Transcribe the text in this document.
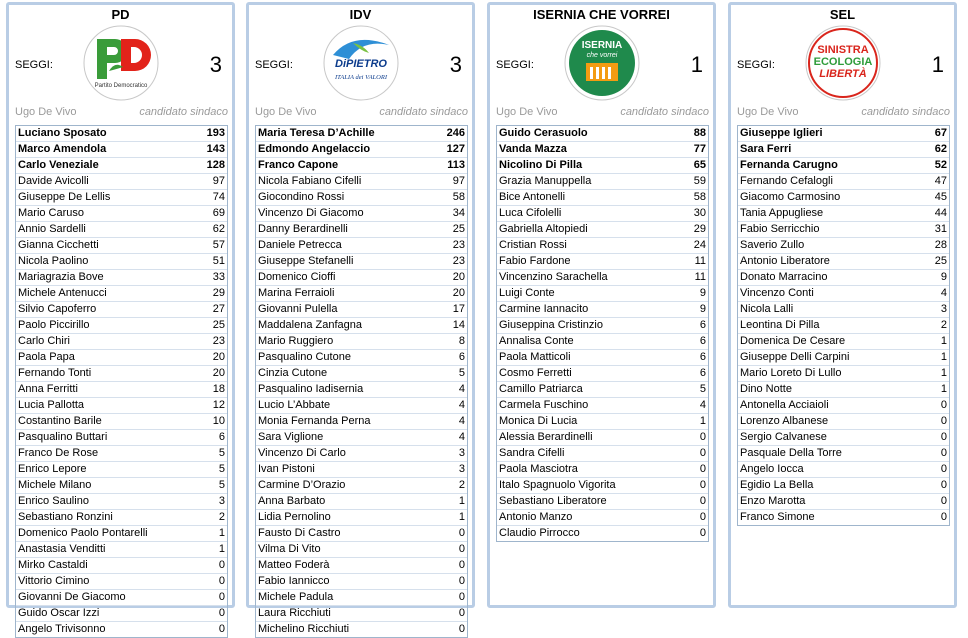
PD
SEGGI:
Partito Democratico
3
Ugo De Vivo	candidato sindaco
Luciano Sposato	193
Marco Amendola	143
Carlo Veneziale	128
Davide Avicolli	97
Giuseppe De Lellis	74
Mario Caruso	69
Annio Sardelli	62
Gianna Cicchetti	57
Nicola Paolino	51
Mariagrazia Bove	33
Michele Antenucci	29
Silvio Capoferro	27
Paolo Piccirillo	25
Carlo Chiri	23
Paola Papa	20
Fernando Tonti	20
Anna Ferritti	18
Lucia Pallotta	12
Costantino Barile	10
Pasqualino Buttari	6
Franco De Rose	5
Enrico Lepore	5
Michele Milano	5
Enrico Saulino	3
Sebastiano Ronzini	2
Domenico Paolo Pontarelli	1
Anastasia Venditti	1
Mirko Castaldi	0
Vittorio Cimino	0
Giovanni De Giacomo	0
Guido Oscar Izzi	0
Angelo Trivisonno	0
IDV
SEGGI:	DiPIETRO
ITALIA dei VALORI
3
Ugo De Vivo	candidato sindaco
Maria Teresa D’Achille	246
Edmondo Angelaccio	127
Franco Capone	113
Nicola Fabiano Cifelli	97
Giocondino Rossi	58
Vincenzo Di Giacomo	34
Danny Berardinelli	25
Daniele Petrecca	23
Giuseppe Stefanelli	23
Domenico Cioffi	20
Marina Ferraioli	20
Giovanni Pulella	17
Maddalena Zanfagna	14
Mario Ruggiero	8
Pasqualino Cutone	6
Cinzia Cutone	5
Pasqualino Iadisernia	4
Lucio L’Abbate	4
Monia Fernanda Perna	4
Sara Viglione	4
Vincenzo Di Carlo	3
Ivan Pistoni	3
Carmine D’Orazio	2
Anna Barbato	1
Lidia Pernolino	1
Fausto Di Castro	0
Vilma Di Vito	0
Matteo Foderà	0
Fabio Iannicco	0
Michele Padula	0
Laura Ricchiuti	0
Michelino Ricchiuti	0
ISERNIA CHE VORREI
SEGGI:
ISERNIA
che vorrei	1
Ugo De Vivo	candidato sindaco
Guido Cerasuolo	88
Vanda Mazza	77
Nicolino Di Pilla	65
Grazia Manuppella	59
Bice Antonelli	58
Luca Cifolelli	30
Gabriella Altopiedi	29
Cristian Rossi	24
Fabio Fardone	11
Vincenzino Sarachella	11
Luigi Conte	9
Carmine Iannacito	9
Giuseppina Cristinzio	6
Annalisa Conte	6
Paola Matticoli	6
Cosmo Ferretti	6
Camillo Patriarca	5
Carmela Fuschino	4
Monica Di Lucia	1
Alessia Berardinelli	0
Sandra Cifelli	0
Paola Masciotra	0
Italo Spagnuolo Vigorita	0
Sebastiano Liberatore	0
Antonio Manzo	0
Claudio Pirrocco	0
SEL
SEGGI:
SINISTRA
ECOLOGIA
LIBERTÀ	1
Ugo De Vivo	candidato sindaco
Giuseppe Iglieri	67
Sara Ferri	62
Fernanda Carugno	52
Fernando Cefalogli	47
Giacomo Carmosino	45
Tania Appugliese	44
Fabio Serricchio	31
Saverio Zullo	28
Antonio Liberatore	25
Donato Marracino	9
Vincenzo Conti	4
Nicola Lalli	3
Leontina Di Pilla	2
Domenica De Cesare	1
Giuseppe Delli Carpini	1
Mario Loreto Di Lullo	1
Dino Notte	1
Antonella Acciaioli	0
Lorenzo Albanese	0
Sergio Calvanese	0
Pasquale Della Torre	0
Angelo Iocca	0
Egidio La Bella	0
Enzo Marotta	0
Franco Simone	0
